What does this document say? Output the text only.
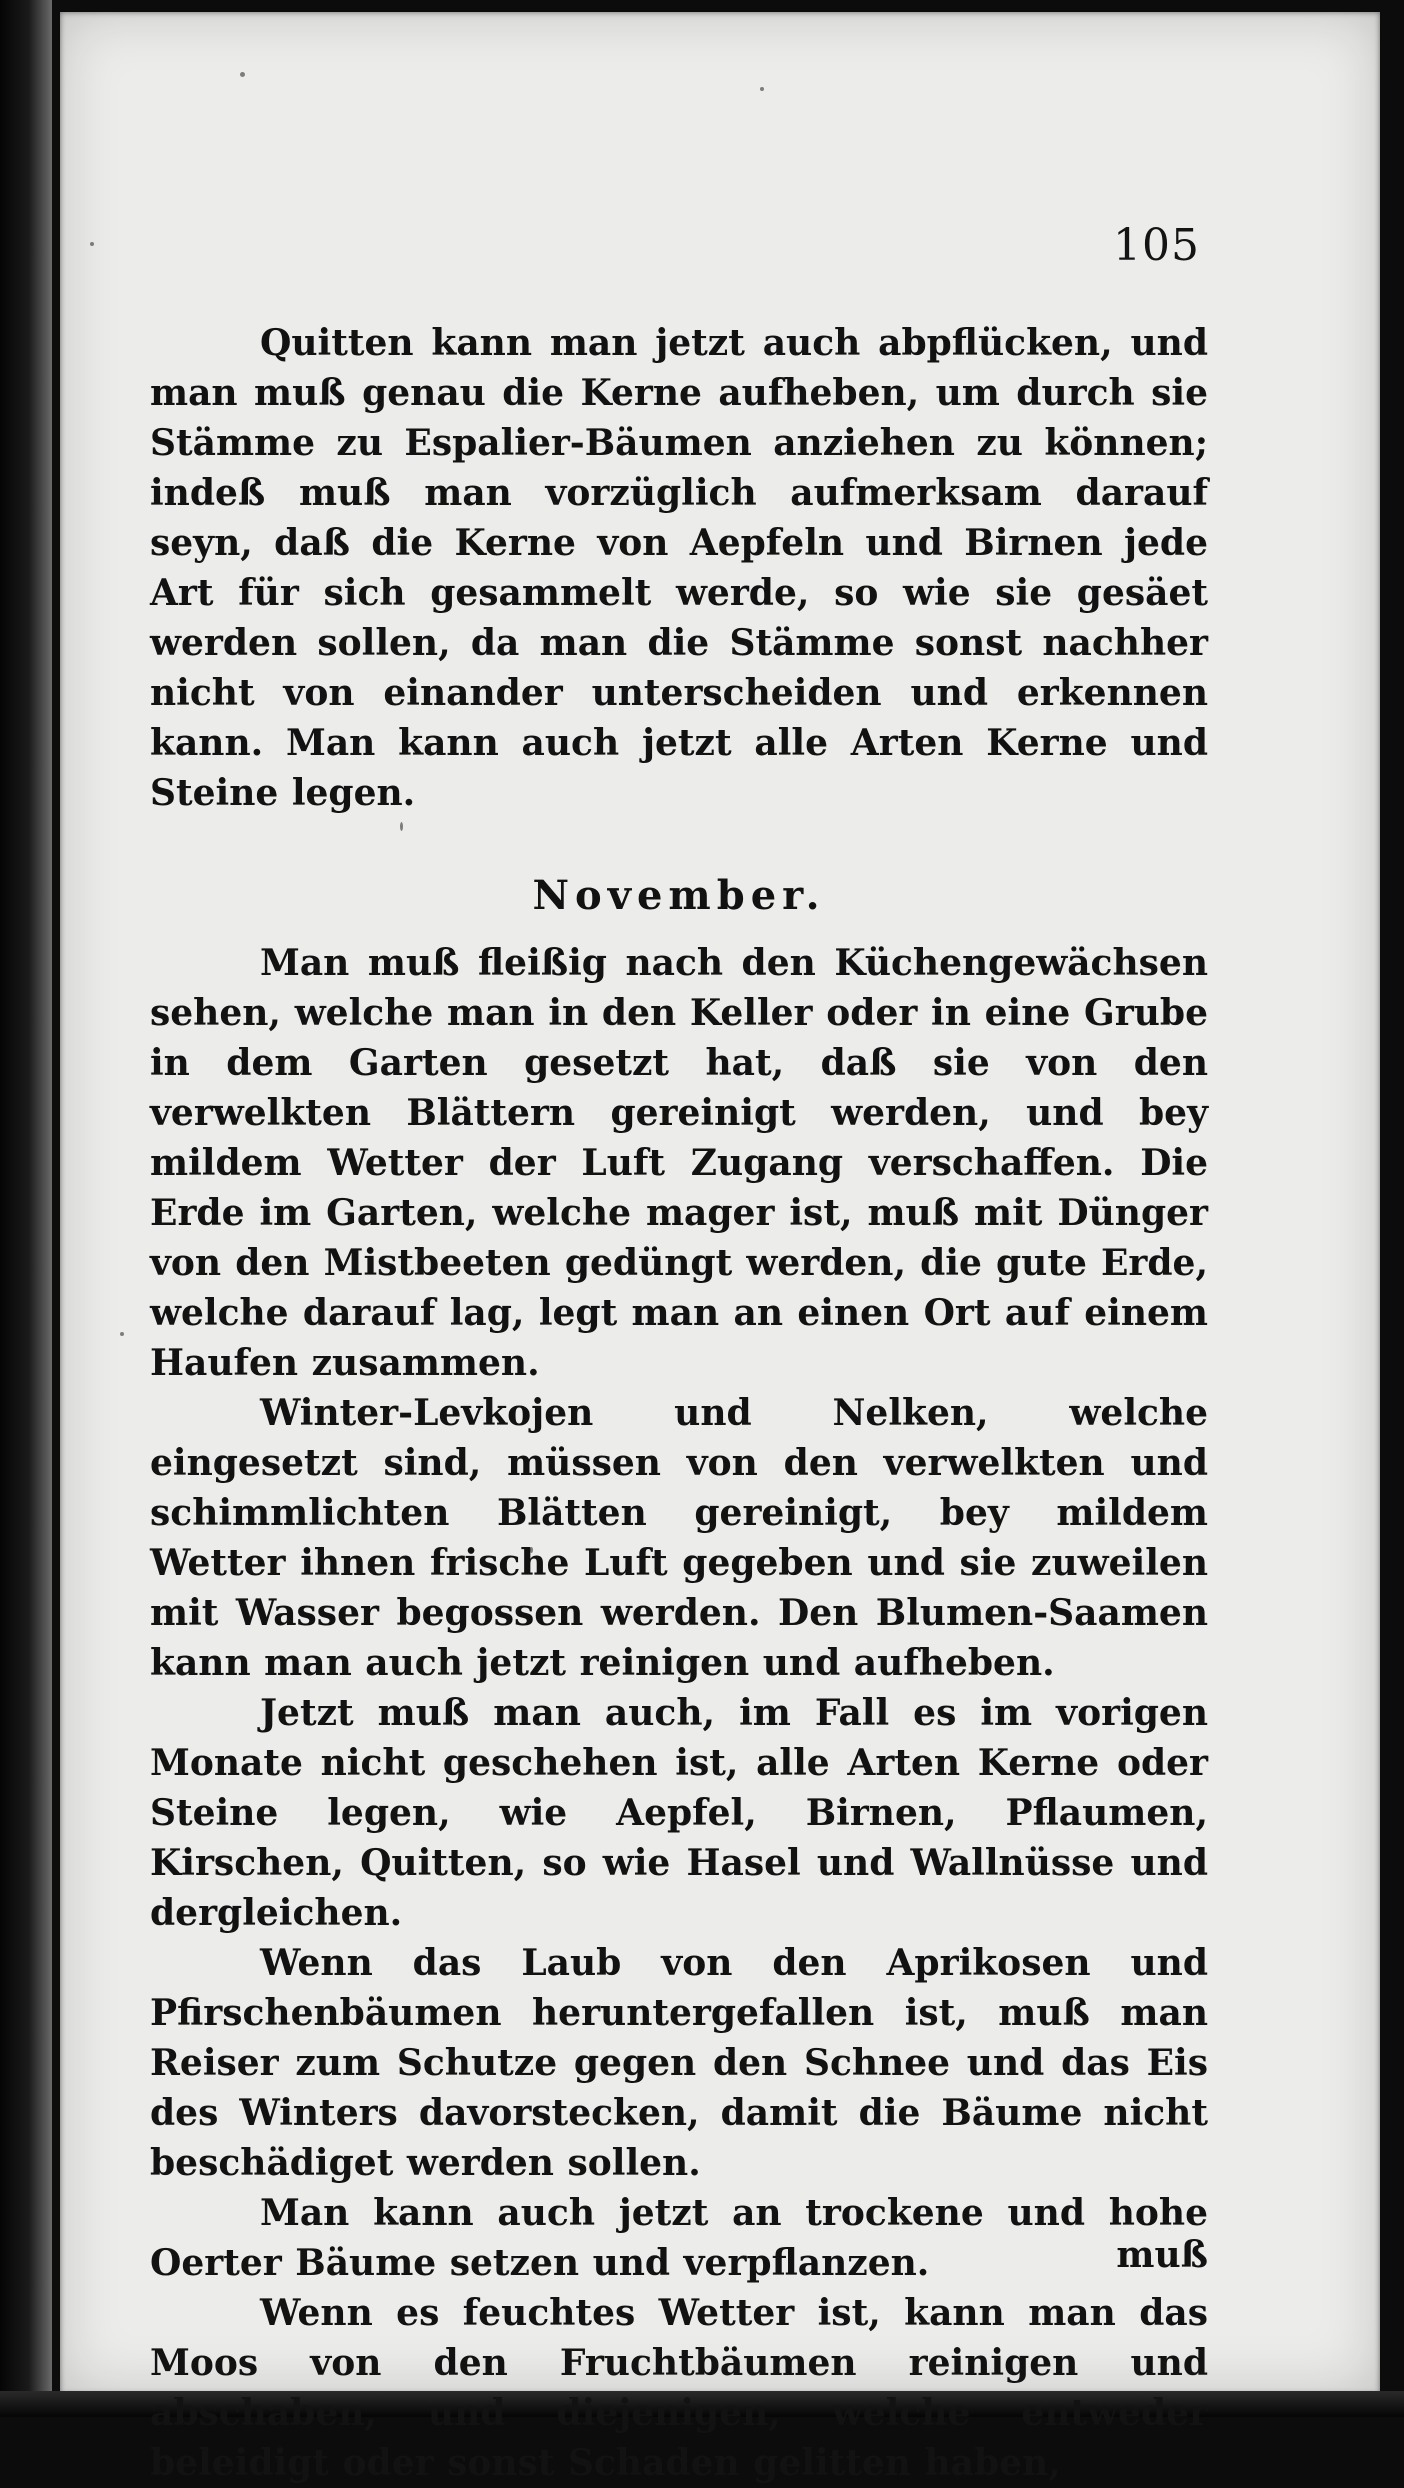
105

Quitten kann man jetzt auch abpflücken, und man muß genau die Kerne aufheben, um durch sie Stämme zu Espalier-Bäumen anziehen zu können; indeß muß man vorzüglich aufmerksam darauf seyn, daß die Kerne von Aepfeln und Birnen jede Art für sich gesammelt werde, so wie sie gesäet werden sollen, da man die Stämme sonst nachher nicht von einander unterscheiden und erkennen kann. Man kann auch jetzt alle Arten Kerne und Steine legen.

November.

Man muß fleißig nach den Küchengewächsen sehen, welche man in den Keller oder in eine Grube in dem Garten gesetzt hat, daß sie von den verwelkten Blättern gereinigt werden, und bey mildem Wetter der Luft Zugang verschaffen. Die Erde im Garten, welche mager ist, muß mit Dünger von den Mistbeeten gedüngt werden, die gute Erde, welche darauf lag, legt man an einen Ort auf einem Haufen zusammen.

Winter-Levkojen und Nelken, welche eingesetzt sind, müssen von den verwelkten und schimmlichten Blätten gereinigt, bey mildem Wetter ihnen frische Luft gegeben und sie zuweilen mit Wasser begossen werden. Den Blumen-Saamen kann man auch jetzt reinigen und aufheben.

Jetzt muß man auch, im Fall es im vorigen Monate nicht geschehen ist, alle Arten Kerne oder Steine legen, wie Aepfel, Birnen, Pflaumen, Kirschen, Quitten, so wie Hasel und Wallnüsse und dergleichen.

Wenn das Laub von den Aprikosen und Pfirschenbäumen heruntergefallen ist, muß man Reiser zum Schutze gegen den Schnee und das Eis des Winters davorstecken, damit die Bäume nicht beschädiget werden sollen.

Man kann auch jetzt an trockene und hohe Oerter Bäume setzen und verpflanzen.

Wenn es feuchtes Wetter ist, kann man das Moos von den Fruchtbäumen reinigen und abschaben, und diejenigen, welche entweder beleidigt oder sonst Schaden gelitten haben,

muß
